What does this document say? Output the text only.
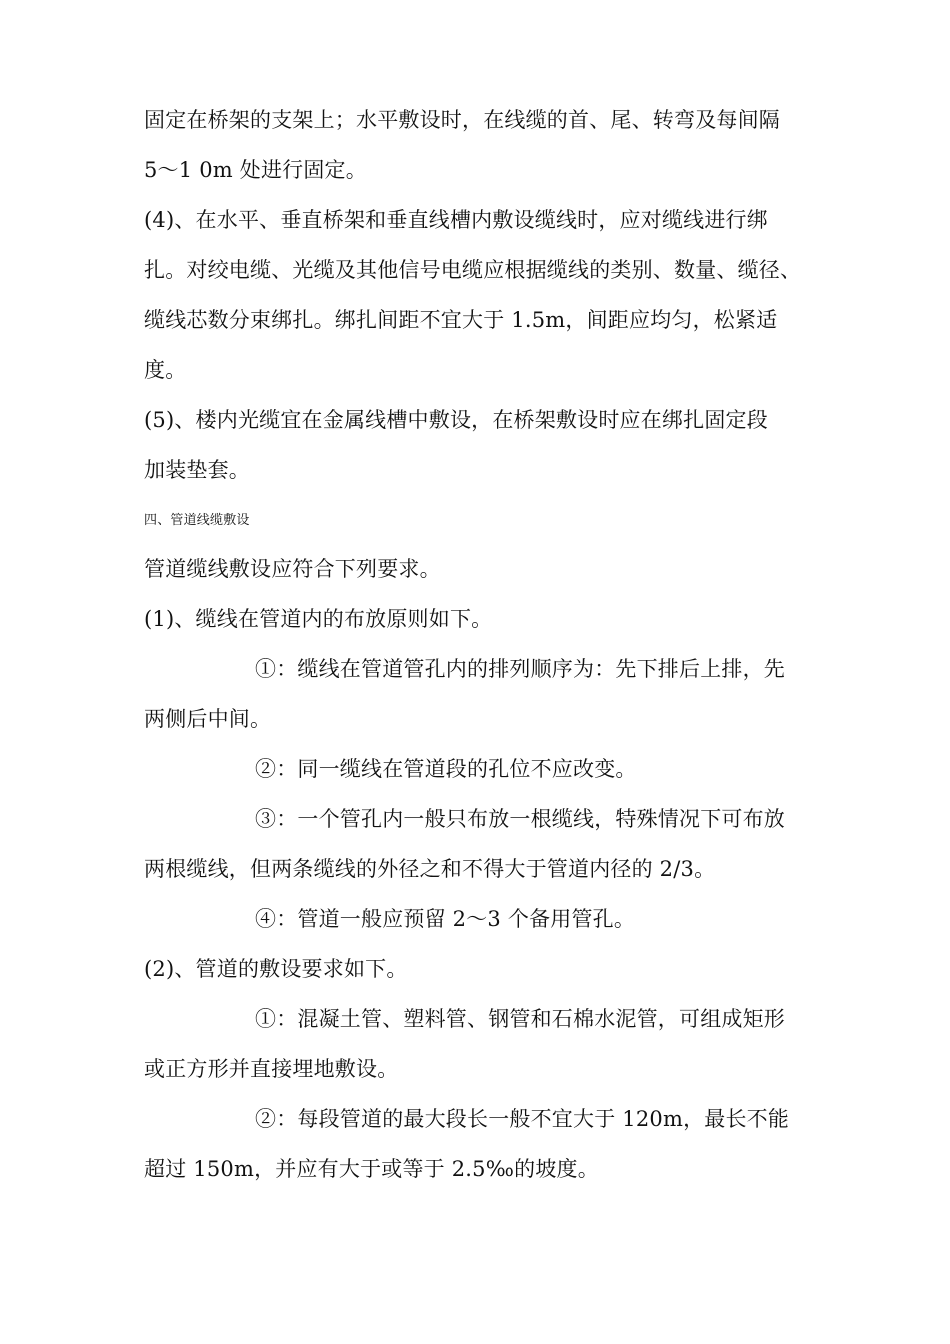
固定在桥架的支架上；水平敷设时，在线缆的首、尾、转弯及每间隔
5～1 0m 处进行固定。
(4)、在水平、垂直桥架和垂直线槽内敷设缆线时，应对缆线进行绑
扎。对绞电缆、光缆及其他信号电缆应根据缆线的类别、数量、缆径、
缆线芯数分束绑扎。绑扎间距不宜大于 1.5m，间距应均匀，松紧适
度。
(5)、楼内光缆宜在金属线槽中敷设，在桥架敷设时应在绑扎固定段
加装垫套。
四、管道线缆敷设
管道缆线敷设应符合下列要求。
(1)、缆线在管道内的布放原则如下。
①：缆线在管道管孔内的排列顺序为：先下排后上排，先
两侧后中间。
②：同一缆线在管道段的孔位不应改变。
③：一个管孔内一般只布放一根缆线，特殊情况下可布放
两根缆线，但两条缆线的外径之和不得大于管道内径的 2/3。
④：管道一般应预留 2～3 个备用管孔。
(2)、管道的敷设要求如下。
①：混凝土管、塑料管、钢管和石棉水泥管，可组成矩形
或正方形并直接埋地敷设。
②：每段管道的最大段长一般不宜大于 120m，最长不能
超过 150m，并应有大于或等于 2.5‰的坡度。
